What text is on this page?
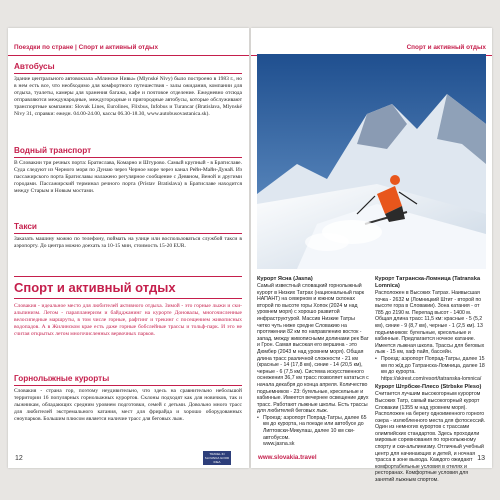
Поездки по стране | Спорт и активный отдых

Автобусы

Здание центрального автовокзала «Млинске Нивы» (Mlynské Nivy) было построено в 1983 г., но в нем есть все, что необходимо для комфортного путешествия - залы ожидания, компании для отдыха, туалеты, камеры для хранения багажа, кафе и почтовое отделение. Ежедневно отсюда отправляются международные, междугородные и пригородные автобусы, которые обслуживают транспортные компании: Slovak Lines, Eurolines, Flixbus, Infobus и Turancar (Bratislava, Mlynské Nivy 31, справки: ежедн. 04.00-24.00, кассы 06.30-18.30, www.autobusovastanica.sk).

Водный транспорт

В Словакии три речных порта: Братислава, Комарно и Штурово. Самый крупный - в Братиславе. Суда следуют из Черного моря по Дунаю через Черное море через канал Рейн-Майн-Дунай. Из пассажирского порта Братиславы налажено регулярное сообщение с Деввном, Веной и другими городами. Пассажирский терминал речного порта (Prístav Bratislava) в Братиславе находится между Старым и Новым мостами.

Такси

Заказать машину можно по телефону, поймать на улице или воспользоваться службой такси в аэропорту. До центра можно доехать за 10-15 мин, стоимость 15-20 EUR.

Спорт и активный отдых

Словакия - идеальное место для любителей активного отдыха. Зимой - это горные лыжи и ски-альпинизм. Летом - парапланеризм и байдджанинг на курорте Доновалы, многочисленные велосипедные маршруты, в том числе горные, рафтинг и трекинг с посещением живописных водопадов. А в Жилинском крае есть даже горные бобслейные трассы и тольф-парк. И это не считая открытых летом многочисленных вервочных парков.

Горнолыжные курорты

Словакия - страна гор, поэтому неудивительно, что здесь на сравнительно небольшой территории 16 популярных горнолыжных курортов. Склоны подходят как для новичков, так и лыжникам, обладающих средним уровнем подготовки, семей с детьми. Довольно много трасс для любителей экстремального катания, мест для фрирайда и хорошо оборудованных сноупарков. Большим плюсом является наличие трасс для беговых лыж.

12
TRAVEL IN SLOVAKIA GOOD IDEA
Спорт и активный отдых

Курорт Ясна (Jasna)

Самый известный словацкий горнолыжный курорт в Низких Татрах (национальный парк НАПАНТ) на северном и южном склонах второй по высоте горы Хопок (2024 м над уровнем моря) с хорошо развитой инфраструктурой. Массив Низкие Татры четко чуть ниже средне Словакию на протяжении 82 км по направлению восток - запад, между живописными долинами рек Ваг и Грон. Самая высокая его вершина - это Дюмбер (2043 м над уровнем моря). Общая длина трасс различной сложности - 21 км (красные - 14 (17,8 км), синие - 14 (20,5 км), черные - 6 (7,5 км). Система искусственного оснежения 36,7 км трасс позволяет кататься с начала декабря до конца апреля. Количество подъемников - 23: бугельные, кресельные и кабинные. Имеется вечернее освещение двух трасс. Работают лыжные школы. Есть трассы для любителей беговых лыж.

• Проезд: аэропорт Попрад-Татры, далее 65 км до курорта, на поезде или автобусе до Липтовски-Микулаш, далее 10 км ски-автобусом.

www.jasna.sk

Курорт Татранска-Ломница (Tatranska Lomnica)

Расположен в Высоких Татрах. Наивысшая точка - 2632 м (Ломницкий Штит - второй по высоте гора в Словакии). Зона катания - от 785 до 2190 м. Перепад высот - 1400 м. Общая длина трасс 11,5 км: красные - 5 (5,2 км), синие - 9 (8,7 км), черные - 1 (2,5 км). 13 подъемников: бугельные, кресельные и кабинные. Предлагается ночное катание. Имеется лыжная школа. Трассы для беговых лыж - 15 км, хаф пайп, бассейн.

• Проезд: аэропорт Попрад-Татры, далее 15 км по ж/д до Татранска-Ломница, далее 18 км до курорта.

https://skirest.com/resort/tatranska-lomnica/

Курорт Штрбске-Плесо (Strbske Pleso)

Считается лучшим высокогорным курортом Высоких Татр, самый высокогорный курорт Словакии (1355 м над уровнем моря). Расположен на берегу одноименного горного озера - излюбленного места для фотосессий. Один из немногих курортов с трассами олимпийских стандартов. Здесь проходили мировые соревнования по горнолыжному спорту и ски-альпинизму. Отличный учебный центр для начинающих и детей, и ночная трасса в зоне выхода. Каждого ожидают комфортабельные условия в отелях и ресторанах. Комфортные условия для занятий лыжным спортом.

www.slovakia.travel	13
